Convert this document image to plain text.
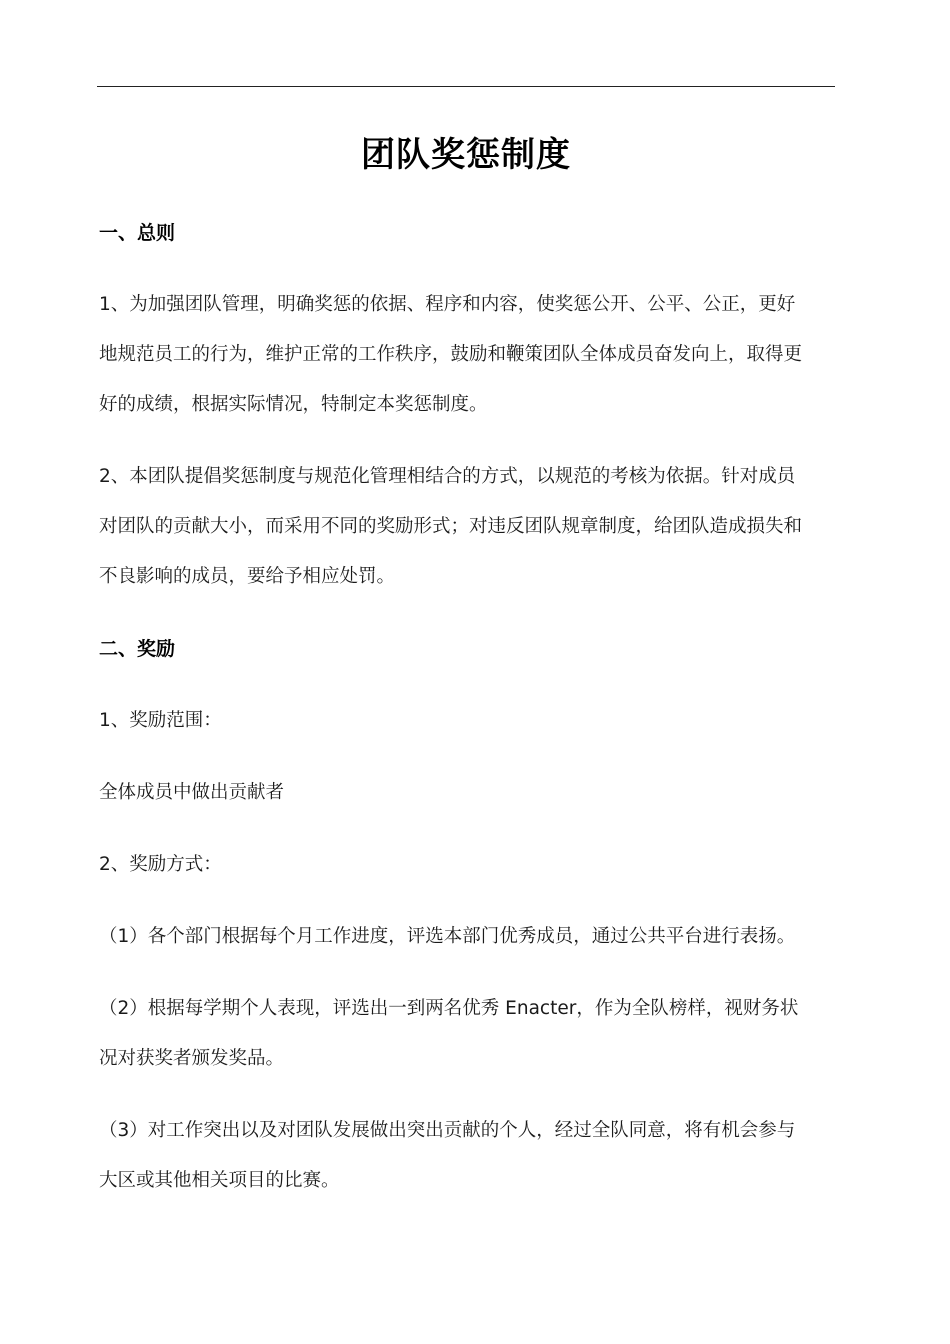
团队奖惩制度
一、总则
1、为加强团队管理，明确奖惩的依据、程序和内容，使奖惩公开、公平、公正，更好
地规范员工的行为，维护正常的工作秩序，鼓励和鞭策团队全体成员奋发向上，取得更
好的成绩，根据实际情况，特制定本奖惩制度。
2、本团队提倡奖惩制度与规范化管理相结合的方式，以规范的考核为依据。针对成员
对团队的贡献大小，而采用不同的奖励形式；对违反团队规章制度，给团队造成损失和
不良影响的成员，要给予相应处罚。
二、奖励
1、奖励范围：
全体成员中做出贡献者
2、奖励方式：
（1）各个部门根据每个月工作进度，评选本部门优秀成员，通过公共平台进行表扬。
（2）根据每学期个人表现，评选出一到两名优秀 Enacter，作为全队榜样，视财务状
况对获奖者颁发奖品。
（3）对工作突出以及对团队发展做出突出贡献的个人，经过全队同意，将有机会参与
大区或其他相关项目的比赛。
